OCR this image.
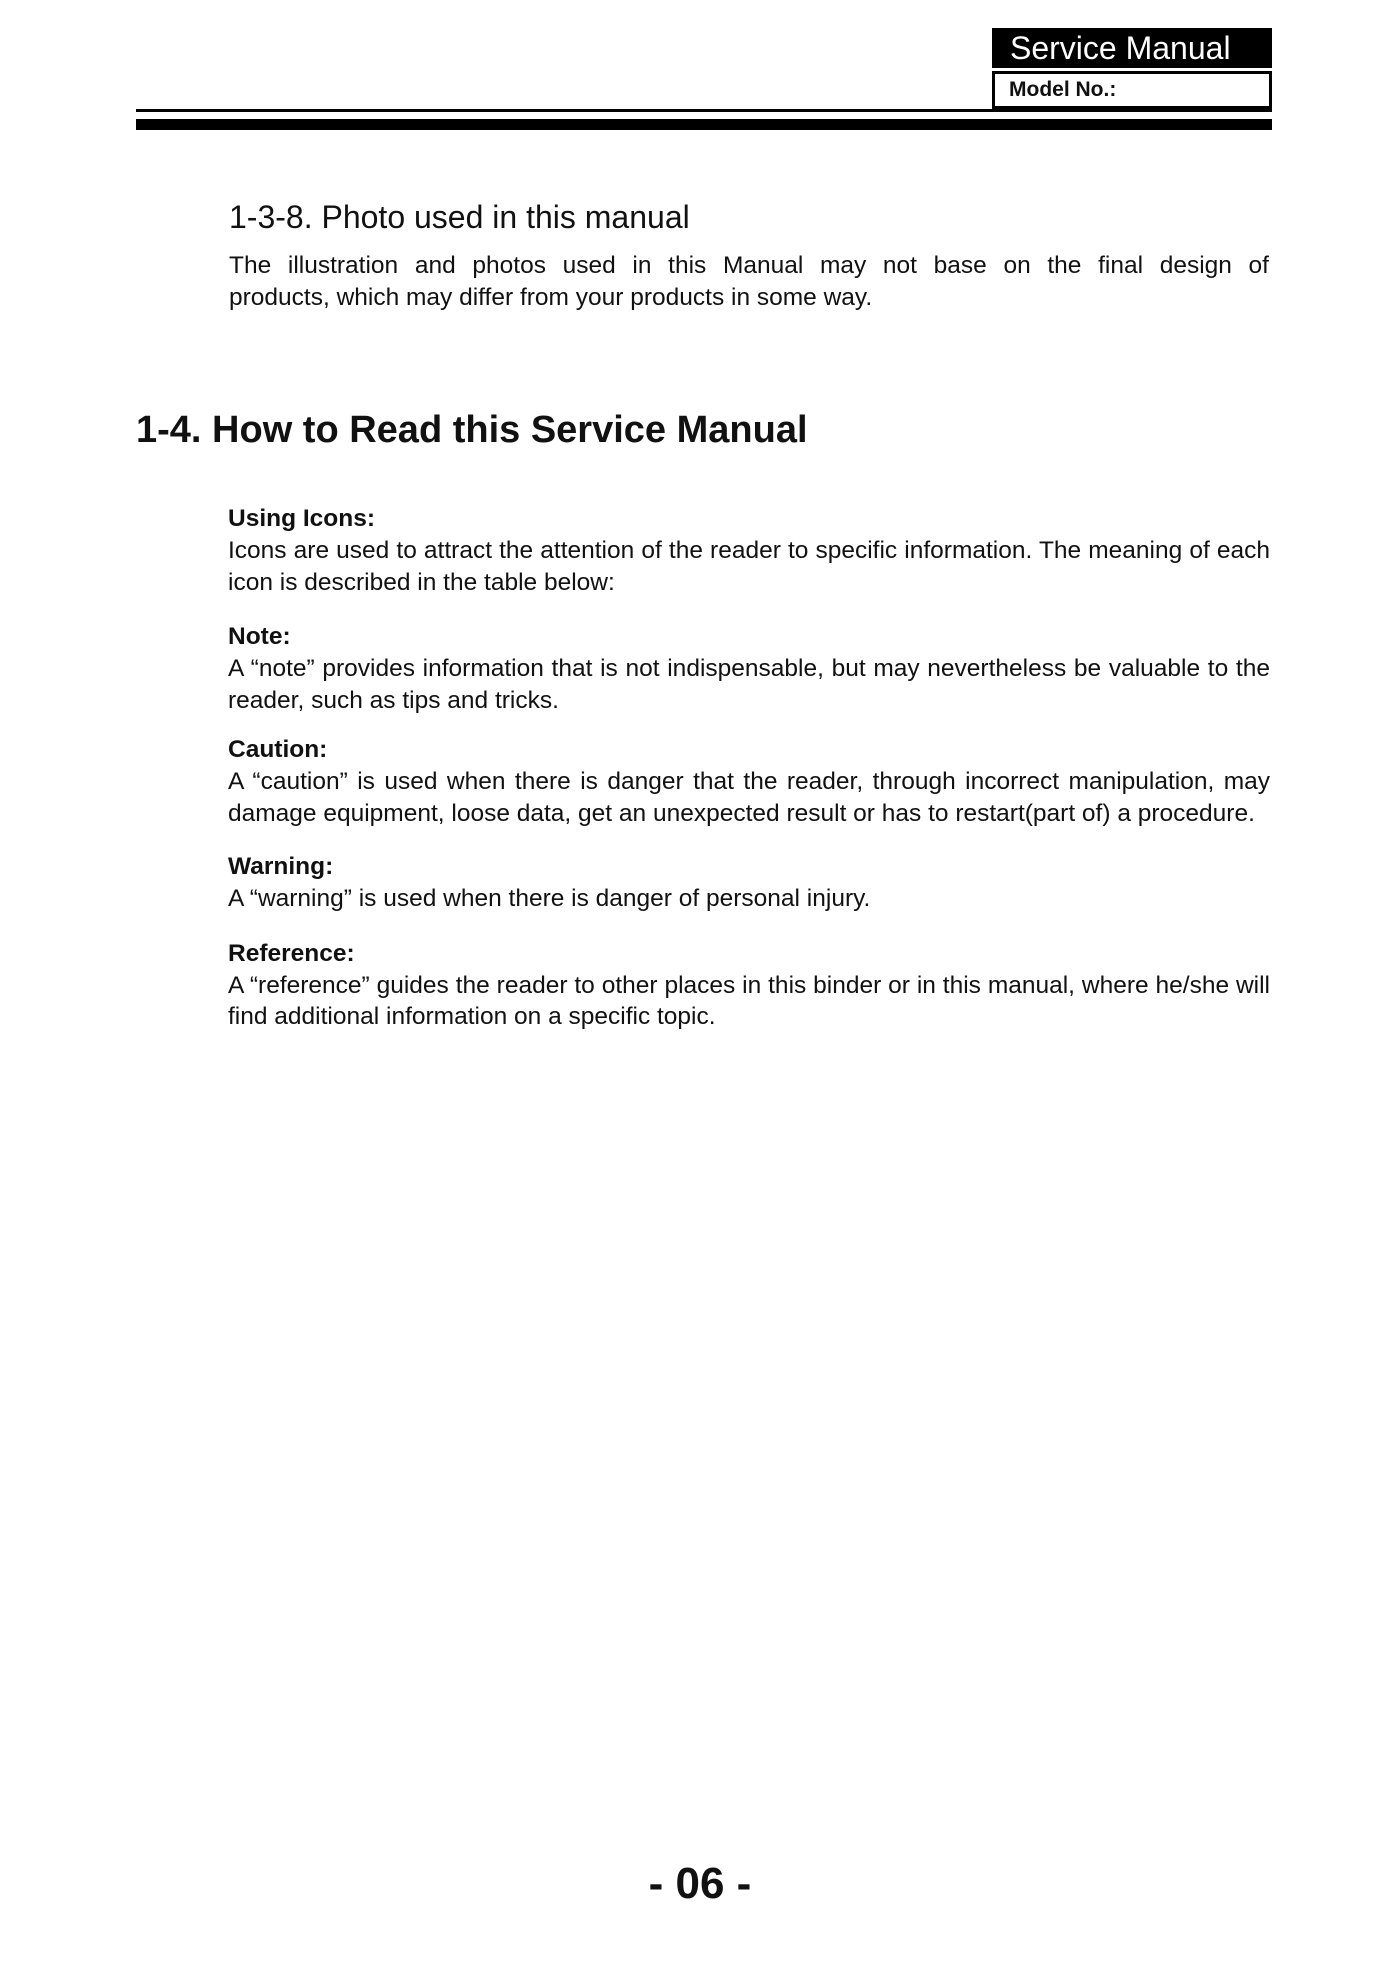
Service Manual
Model No.:
1-3-8. Photo used in this manual
The illustration and photos used in this Manual may not base on the final design of
products, which may differ from your products in some way.
1-4. How to Read this Service Manual
Using Icons:
Icons are used to attract the attention of the reader to specific information. The meaning of each icon is described in the table below:
Note:
A “note” provides information that is not indispensable, but may nevertheless be valuable to the reader, such as tips and tricks.
Caution:
A “caution” is used when there is danger that the reader, through incorrect manipulation, may damage equipment, loose data, get an unexpected result or has to restart(part of) a procedure.
Warning:
A “warning” is used when there is danger of personal injury.
Reference:
A “reference” guides the reader to other places in this binder or in this manual, where he/she will find additional information on a specific topic.
- 06 -
